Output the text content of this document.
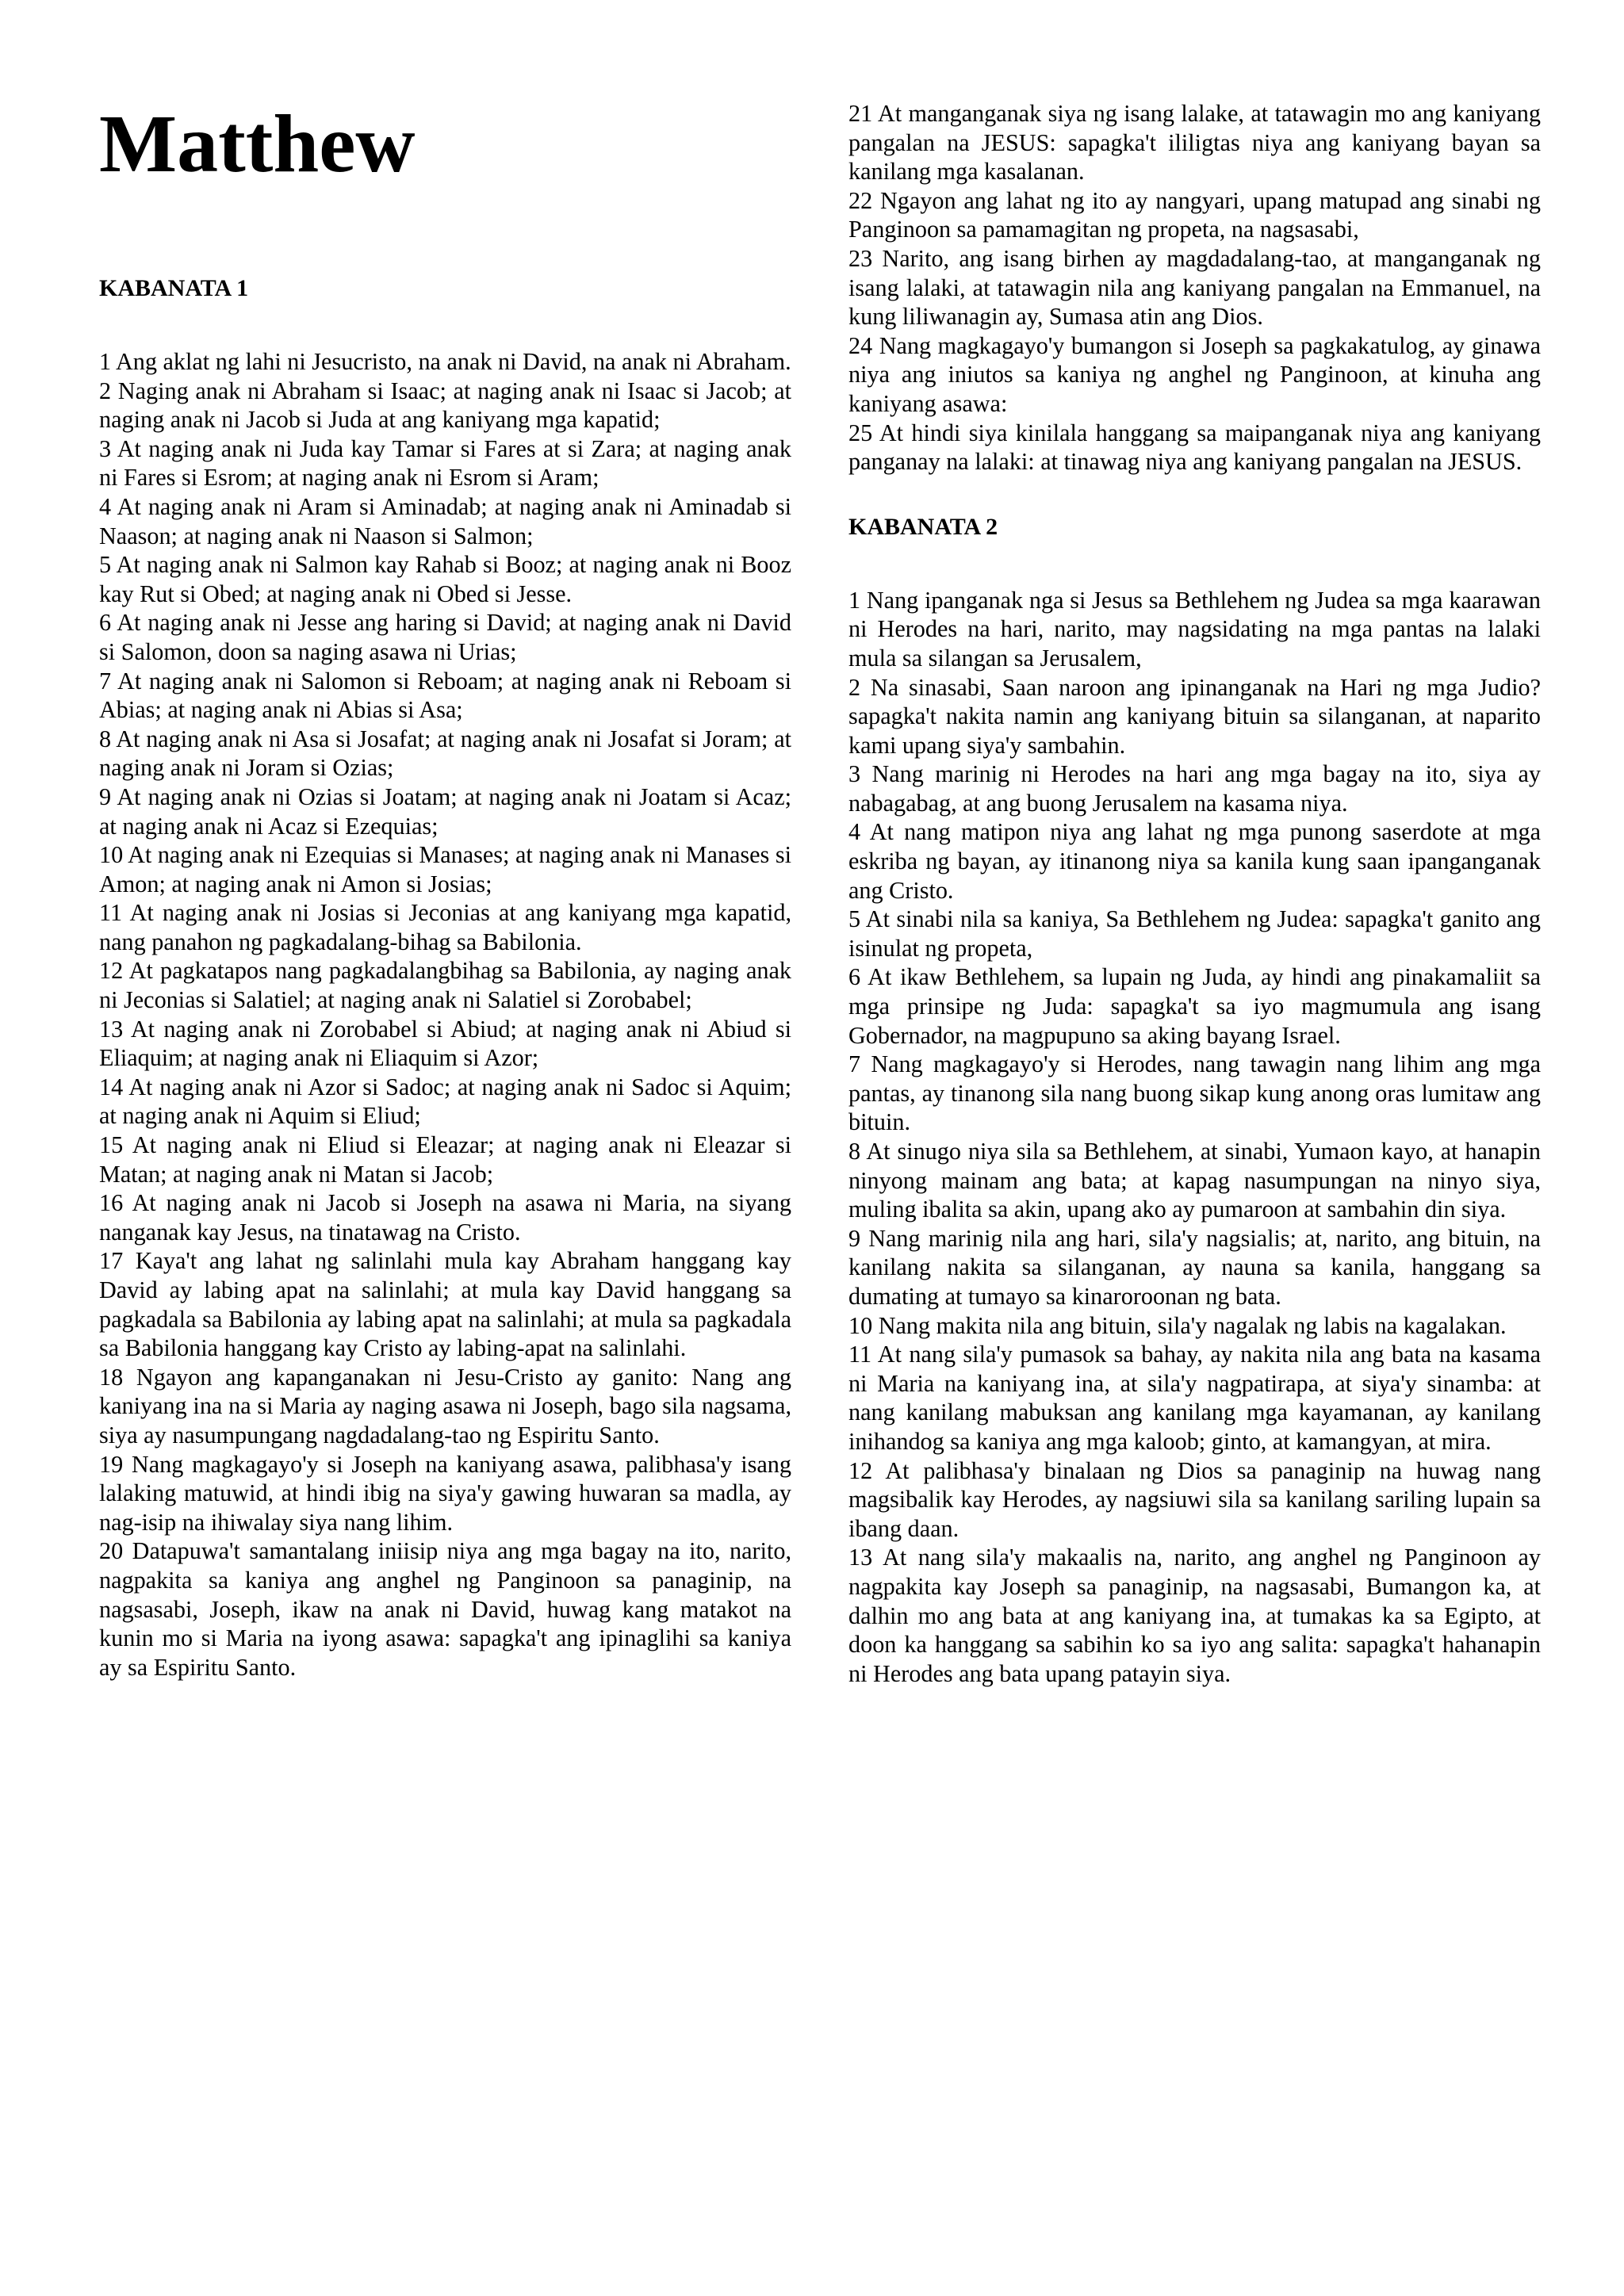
Matthew
KABANATA 1

1 Ang aklat ng lahi ni Jesucristo, na anak ni David, na anak ni Abraham.

2 Naging anak ni Abraham si Isaac; at naging anak ni Isaac si Jacob; at naging anak ni Jacob si Juda at ang kaniyang mga kapatid;

3 At naging anak ni Juda kay Tamar si Fares at si Zara; at naging anak ni Fares si Esrom; at naging anak ni Esrom si Aram;

4 At naging anak ni Aram si Aminadab; at naging anak ni Aminadab si Naason; at naging anak ni Naason si Salmon;

5 At naging anak ni Salmon kay Rahab si Booz; at naging anak ni Booz kay Rut si Obed; at naging anak ni Obed si Jesse.

6 At naging anak ni Jesse ang haring si David; at naging anak ni David si Salomon, doon sa naging asawa ni Urias;

7 At naging anak ni Salomon si Reboam; at naging anak ni Reboam si Abias; at naging anak ni Abias si Asa;

8 At naging anak ni Asa si Josafat; at naging anak ni Josafat si Joram; at naging anak ni Joram si Ozias;

9 At naging anak ni Ozias si Joatam; at naging anak ni Joatam si Acaz; at naging anak ni Acaz si Ezequias;

10 At naging anak ni Ezequias si Manases; at naging anak ni Manases si Amon; at naging anak ni Amon si Josias;

11 At naging anak ni Josias si Jeconias at ang kaniyang mga kapatid, nang panahon ng pagkadalang-bihag sa Babilonia.

12 At pagkatapos nang pagkadalangbihag sa Babilonia, ay naging anak ni Jeconias si Salatiel; at naging anak ni Salatiel si Zorobabel;

13 At naging anak ni Zorobabel si Abiud; at naging anak ni Abiud si Eliaquim; at naging anak ni Eliaquim si Azor;

14 At naging anak ni Azor si Sadoc; at naging anak ni Sadoc si Aquim; at naging anak ni Aquim si Eliud;

15 At naging anak ni Eliud si Eleazar; at naging anak ni Eleazar si Matan; at naging anak ni Matan si Jacob;

16 At naging anak ni Jacob si Joseph na asawa ni Maria, na siyang nanganak kay Jesus, na tinatawag na Cristo.

17 Kaya't ang lahat ng salinlahi mula kay Abraham hanggang kay David ay labing apat na salinlahi; at mula kay David hanggang sa pagkadala sa Babilonia ay labing apat na salinlahi; at mula sa pagkadala sa Babilonia hanggang kay Cristo ay labing-apat na salinlahi.

18 Ngayon ang kapanganakan ni Jesu-Cristo ay ganito: Nang ang kaniyang ina na si Maria ay naging asawa ni Joseph, bago sila nagsama, siya ay nasumpungang nagdadalang-tao ng Espiritu Santo.

19 Nang magkagayo'y si Joseph na kaniyang asawa, palibhasa'y isang lalaking matuwid, at hindi ibig na siya'y gawing huwaran sa madla, ay nag-isip na ihiwalay siya nang lihim.

20 Datapuwa't samantalang iniisip niya ang mga bagay na ito, narito, nagpakita sa kaniya ang anghel ng Panginoon sa panaginip, na nagsasabi, Joseph, ikaw na anak ni David, huwag kang matakot na kunin mo si Maria na iyong asawa: sapagka't ang ipinaglihi sa kaniya ay sa Espiritu Santo.

21 At manganganak siya ng isang lalake, at tatawagin mo ang kaniyang pangalan na JESUS: sapagka't ililigtas niya ang kaniyang bayan sa kanilang mga kasalanan.

22 Ngayon ang lahat ng ito ay nangyari, upang matupad ang sinabi ng Panginoon sa pamamagitan ng propeta, na nagsasabi,

23 Narito, ang isang birhen ay magdadalang-tao, at manganganak ng isang lalaki, at tatawagin nila ang kaniyang pangalan na Emmanuel, na kung liliwanagin ay, Sumasa atin ang Dios.

24 Nang magkagayo'y bumangon si Joseph sa pagkakatulog, ay ginawa niya ang iniutos sa kaniya ng anghel ng Panginoon, at kinuha ang kaniyang asawa:

25 At hindi siya kinilala hanggang sa maipanganak niya ang kaniyang panganay na lalaki: at tinawag niya ang kaniyang pangalan na JESUS.

KABANATA 2

1 Nang ipanganak nga si Jesus sa Bethlehem ng Judea sa mga kaarawan ni Herodes na hari, narito, may nagsidating na mga pantas na lalaki mula sa silangan sa Jerusalem,

2 Na sinasabi, Saan naroon ang ipinanganak na Hari ng mga Judio? sapagka't nakita namin ang kaniyang bituin sa silanganan, at naparito kami upang siya'y sambahin.

3 Nang marinig ni Herodes na hari ang mga bagay na ito, siya ay nabagabag, at ang buong Jerusalem na kasama niya.

4 At nang matipon niya ang lahat ng mga punong saserdote at mga eskriba ng bayan, ay itinanong niya sa kanila kung saan ipanganganak ang Cristo.

5 At sinabi nila sa kaniya, Sa Bethlehem ng Judea: sapagka't ganito ang isinulat ng propeta,

6 At ikaw Bethlehem, sa lupain ng Juda, ay hindi ang pinakamaliit sa mga prinsipe ng Juda: sapagka't sa iyo magmumula ang isang Gobernador, na magpupuno sa aking bayang Israel.

7 Nang magkagayo'y si Herodes, nang tawagin nang lihim ang mga pantas, ay tinanong sila nang buong sikap kung anong oras lumitaw ang bituin.

8 At sinugo niya sila sa Bethlehem, at sinabi, Yumaon kayo, at hanapin ninyong mainam ang bata; at kapag nasumpungan na ninyo siya, muling ibalita sa akin, upang ako ay pumaroon at sambahin din siya.

9 Nang marinig nila ang hari, sila'y nagsialis; at, narito, ang bituin, na kanilang nakita sa silanganan, ay nauna sa kanila, hanggang sa dumating at tumayo sa kinaroroonan ng bata.

10 Nang makita nila ang bituin, sila'y nagalak ng labis na kagalakan.

11 At nang sila'y pumasok sa bahay, ay nakita nila ang bata na kasama ni Maria na kaniyang ina, at sila'y nagpatirapa, at siya'y sinamba: at nang kanilang mabuksan ang kanilang mga kayamanan, ay kanilang inihandog sa kaniya ang mga kaloob; ginto, at kamangyan, at mira.

12 At palibhasa'y binalaan ng Dios sa panaginip na huwag nang magsibalik kay Herodes, ay nagsiuwi sila sa kanilang sariling lupain sa ibang daan.

13 At nang sila'y makaalis na, narito, ang anghel ng Panginoon ay nagpakita kay Joseph sa panaginip, na nagsasabi, Bumangon ka, at dalhin mo ang bata at ang kaniyang ina, at tumakas ka sa Egipto, at doon ka hanggang sa sabihin ko sa iyo ang salita: sapagka't hahanapin ni Herodes ang bata upang patayin siya.
